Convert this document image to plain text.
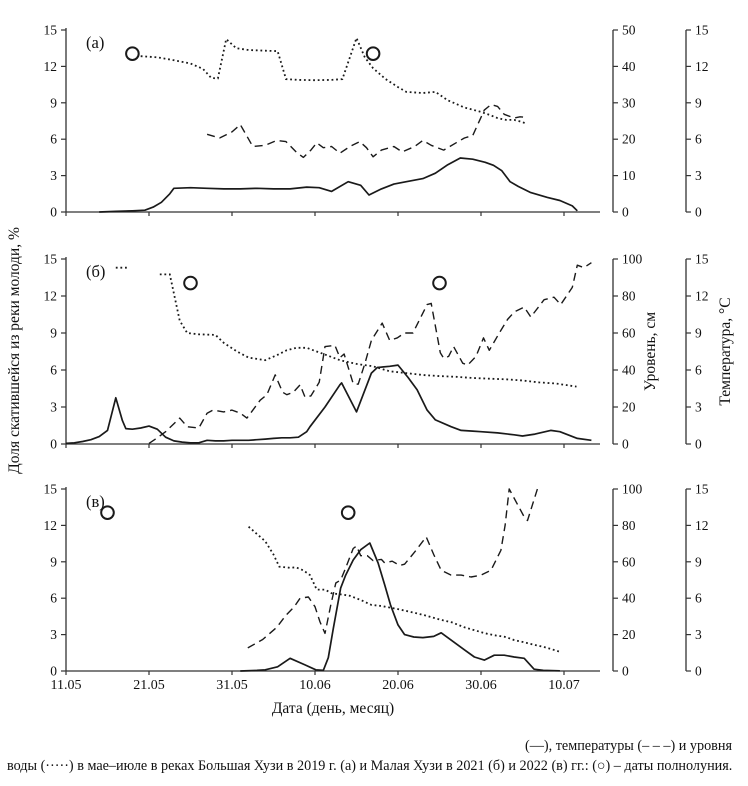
0
3
6
9
12
15
0
10
20
30
40
50
0
3
6
9
12
15
(а)
0
3
6
9
12
15
0
20
40
60
80
100
0
3
6
9
12
15
(б)
0
3
6
9
12
15
11.05	21.05	31.05	10.06	20.06	30.06	10.07
0
20
40
60
80
100
0
3
6
9
12
15
(в)
Доля скатившейся из реки молоди, %	Уровень, см	Температура, °C
Дата (день, месяц)
(—), температуры (– – –) и уровня
воды (·····) в мае–июле в реках Большая Хузи в 2019 г. (а) и Малая Хузи в 2021 (б) и 2022 (в) гг.: (○) – даты полнолуния.
